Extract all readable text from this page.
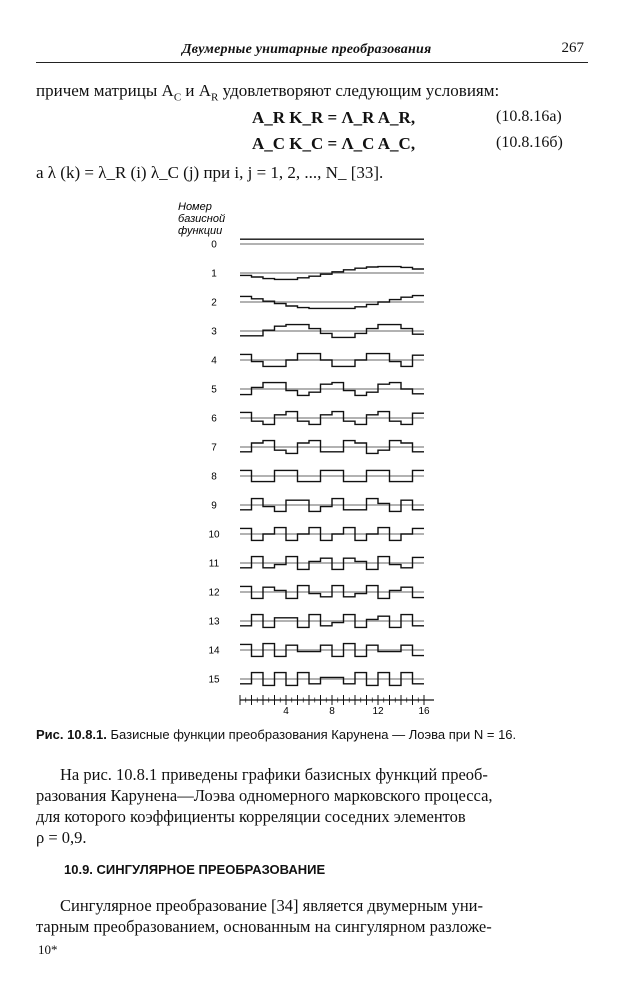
Двумерные унитарные преобразования	267
причем матрицы $A_C$ и $A_R$ удовлетворяют следующим условиям:
A_R K_R = Λ_R A_R,	(10.8.16а)
A_C K_C = Λ_C A_C,	(10.8.16б)
а λ (k) = λ_R (i) λ_C (j) при i, j = 1, 2, ..., N_ [33].
Номер
базисной
функции
0
1
2
3
4
5
6
7
8
9
10
11
12
13
14
15
4	8	12	16
Рис. 10.8.1. Базисные функции преобразования Карунена — Лоэва при N = 16.
На рис. 10.8.1 приведены графики базисных функций преоб-
разования Карунена—Лоэва одномерного марковского процесса,
для которого коэффициенты корреляции соседних элементов
ρ = 0,9.
10.9. СИНГУЛЯРНОЕ ПРЕОБРАЗОВАНИЕ
Сингулярное преобразование [34] является двумерным уни-
тарным преобразованием, основанным на сингулярном разложе-
10*
